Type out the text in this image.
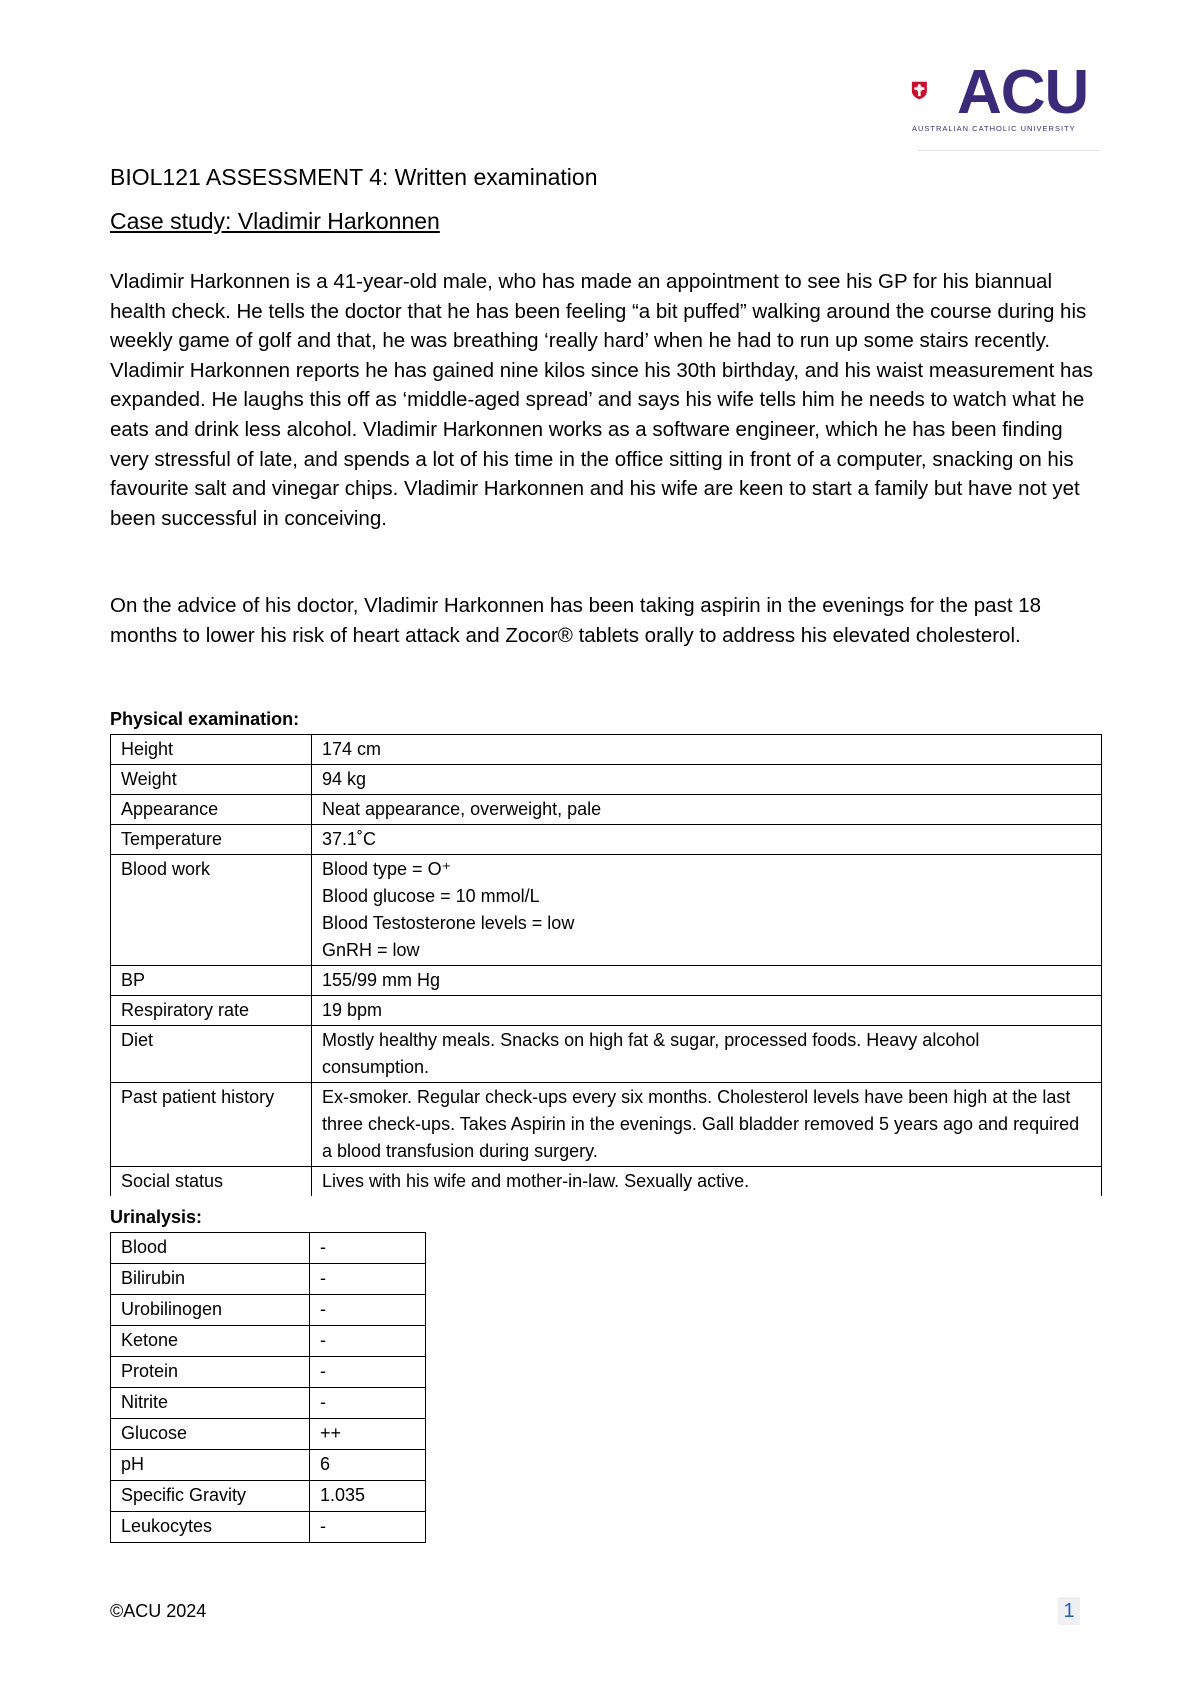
ACU
AUSTRALIAN CATHOLIC UNIVERSITY
BIOL121 ASSESSMENT 4: Written examination
Case study: Vladimir Harkonnen

Vladimir Harkonnen is a 41-year-old male, who has made an appointment to see his GP for his biannual health check. He tells the doctor that he has been feeling “a bit puffed” walking around the course during his weekly game of golf and that, he was breathing ‘really hard’ when he had to run up some stairs recently. Vladimir Harkonnen reports he has gained nine kilos since his 30th birthday, and his waist measurement has expanded. He laughs this off as ‘middle-aged spread’ and says his wife tells him he needs to watch what he eats and drink less alcohol. Vladimir Harkonnen works as a software engineer, which he has been finding very stressful of late, and spends a lot of his time in the office sitting in front of a computer, snacking on his favourite salt and vinegar chips. Vladimir Harkonnen and his wife are keen to start a family but have not yet been successful in conceiving.

On the advice of his doctor, Vladimir Harkonnen has been taking aspirin in the evenings for the past 18 months to lower his risk of heart attack and Zocor® tablets orally to address his elevated cholesterol.

Physical examination:
Height	174 cm

Weight	94 kg

Appearance	Neat appearance, overweight, pale

Temperature	37.1˚C

Blood work	Blood type = O⁺
Blood glucose = 10 mmol/L
Blood Testosterone levels = low
GnRH = low

BP	155/99 mm Hg

Respiratory rate	19 bpm

Diet	Mostly healthy meals. Snacks on high fat & sugar, processed foods. Heavy alcohol consumption.

Past patient history	Ex-smoker. Regular check-ups every six months. Cholesterol levels have been high at the last three check-ups. Takes Aspirin in the evenings. Gall bladder removed 5 years ago and required a blood transfusion during surgery.

Social status	Lives with his wife and mother-in-law. Sexually active.
Urinalysis:
Blood	-
Bilirubin	-
Urobilinogen	-
Ketone	-
Protein	-
Nitrite	-
Glucose	++
pH	6
Specific Gravity	1.035
Leukocytes	-
©ACU 2024	1
